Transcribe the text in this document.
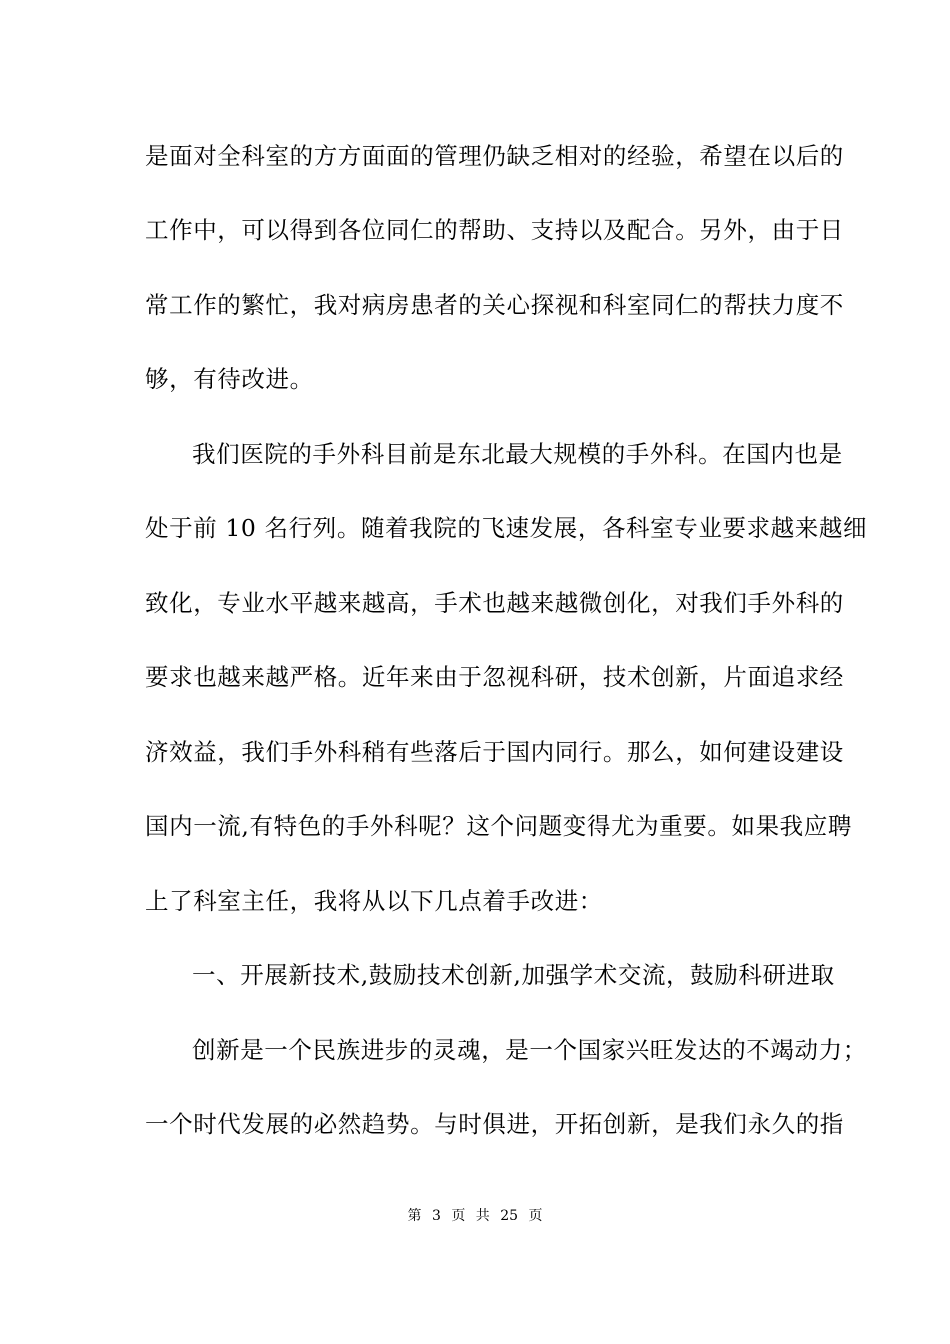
是面对全科室的方方面面的管理仍缺乏相对的经验，希望在以后的
工作中，可以得到各位同仁的帮助、支持以及配合。另外，由于日
常工作的繁忙，我对病房患者的关心探视和科室同仁的帮扶力度不
够，有待改进。
我们医院的手外科目前是东北最大规模的手外科。在国内也是
处于前 10 名行列。随着我院的飞速发展，各科室专业要求越来越细
致化，专业水平越来越高，手术也越来越微创化，对我们手外科的
要求也越来越严格。近年来由于忽视科研，技术创新，片面追求经
济效益，我们手外科稍有些落后于国内同行。那么，如何建设建设
国内一流,有特色的手外科呢？这个问题变得尤为重要。如果我应聘
上了科室主任，我将从以下几点着手改进：
一、开展新技术,鼓励技术创新,加强学术交流，鼓励科研进取
创新是一个民族进步的灵魂，是一个国家兴旺发达的不竭动力；
一个时代发展的必然趋势。与时俱进，开拓创新，是我们永久的指
第 3 页 共 25 页
